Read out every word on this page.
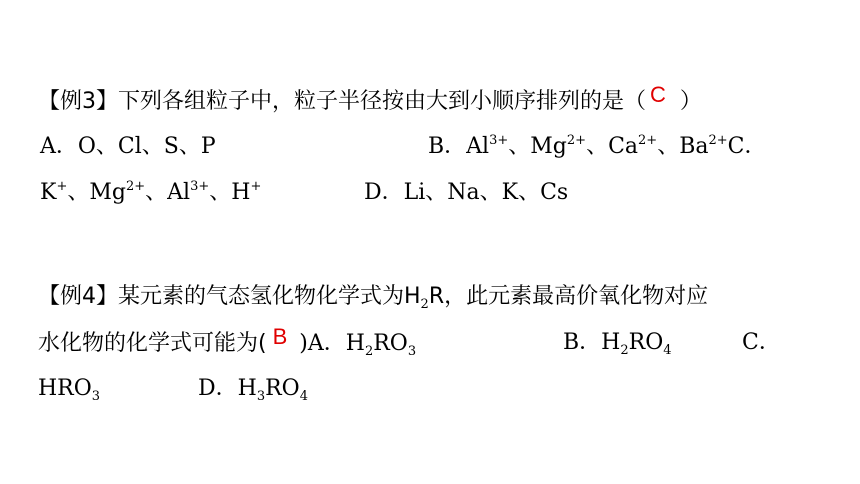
【例3】下列各组粒子中，粒子半径按由大到小顺序排列的是（ C ）
A．O、Cl、S、P	B．$Al^{3+}$、$Mg^{2+}$、$Ca^{2+}$、$Ba^{2+}C$．
K+、$Mg^{2+}$、$Al^{3+}$、H+	D．Li、Na、K、Cs
【例4】某元素的气态氢化物化学式为$H_2R$，此元素最高价氧化物对应
水化物的化学式可能为( B )A．$H_2RO_3$	B．$H_2RO_4$	C．
$HRO_3$	D．$H_3RO_4$
